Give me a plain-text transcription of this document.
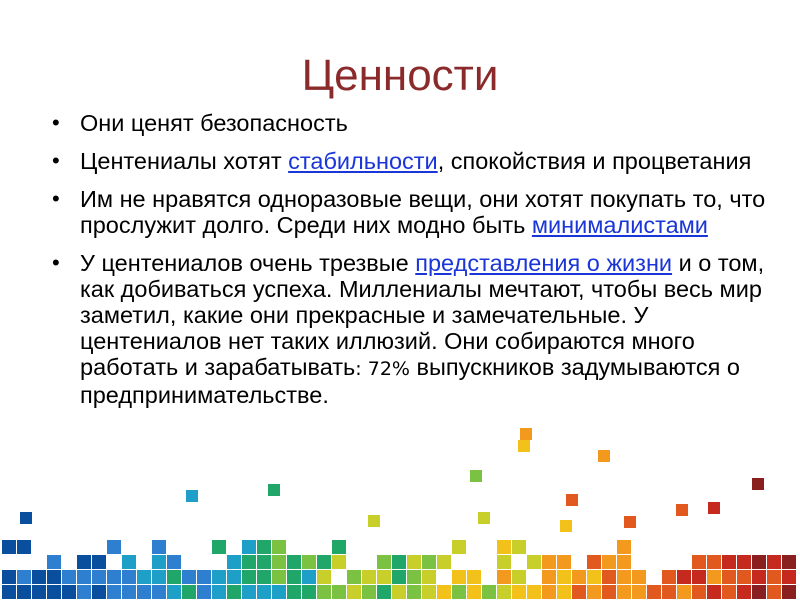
Ценности
• Они ценят безопасность
• Центениалы хотят стабильности, спокойствия и процветания
• Им не нравятся одноразовые вещи, они хотят покупать то, что прослужит долго. Среди них модно быть минималистами
• У центениалов очень трезвые представления о жизни и о том, как добиваться успеха. Миллениалы мечтают, чтобы весь мир заметил, какие они прекрасные и замечательные. У центениалов нет таких иллюзий. Они собираются много работать и зарабатывать: 72% выпускников задумываются о предпринимательстве.
